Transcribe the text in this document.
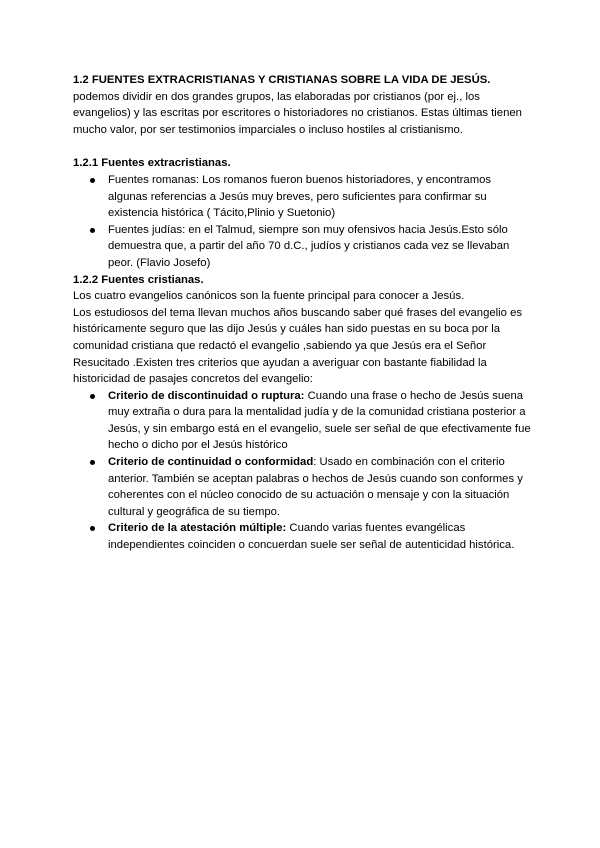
1.2 FUENTES EXTRACRISTIANAS Y CRISTIANAS SOBRE LA VIDA DE JESÚS.

podemos dividir en dos grandes grupos, las elaboradas por cristianos (por ej., los evangelios) y las escritas por escritores o historiadores no cristianos. Estas últimas tienen mucho valor, por ser testimonios imparciales o incluso hostiles al cristianismo.

1.2.1 Fuentes extracristianas.

Fuentes romanas: Los romanos fueron buenos historiadores, y encontramos algunas referencias a Jesús muy breves, pero suficientes para confirmar su existencia histórica ( Tácito,Plinio y Suetonio)
Fuentes judías: en el Talmud, siempre son muy ofensivos hacia Jesús.Esto sólo demuestra que, a partir del año 70 d.C., judíos y cristianos cada vez se llevaban peor. (Flavio Josefo)

1.2.2 Fuentes cristianas.

Los cuatro evangelios canónicos son la fuente principal para conocer a Jesús.

Los estudiosos del tema llevan muchos años buscando saber qué frases del evangelio es históricamente seguro que las dijo Jesús y cuáles han sido puestas en su boca por la comunidad cristiana que redactó el evangelio ,sabiendo ya que Jesús era el Señor Resucitado .Existen tres criterios que ayudan a averiguar con bastante fiabilidad la historicidad de pasajes concretos del evangelio:

Criterio de discontinuidad o ruptura: Cuando una frase o hecho de Jesús suena muy extraña o dura para la mentalidad judía y de la comunidad cristiana posterior a Jesús, y sin embargo está en el evangelio, suele ser señal de que efectivamente fue hecho o dicho por el Jesús histórico
Criterio de continuidad o conformidad: Usado en combinación con el criterio anterior. También se aceptan palabras o hechos de Jesús cuando son conformes y coherentes con el núcleo conocido de su actuación o mensaje y con la situación cultural y geográfica de su tiempo.
Criterio de la atestación múltiple: Cuando varias fuentes evangélicas independientes coinciden o concuerdan suele ser señal de autenticidad histórica.
